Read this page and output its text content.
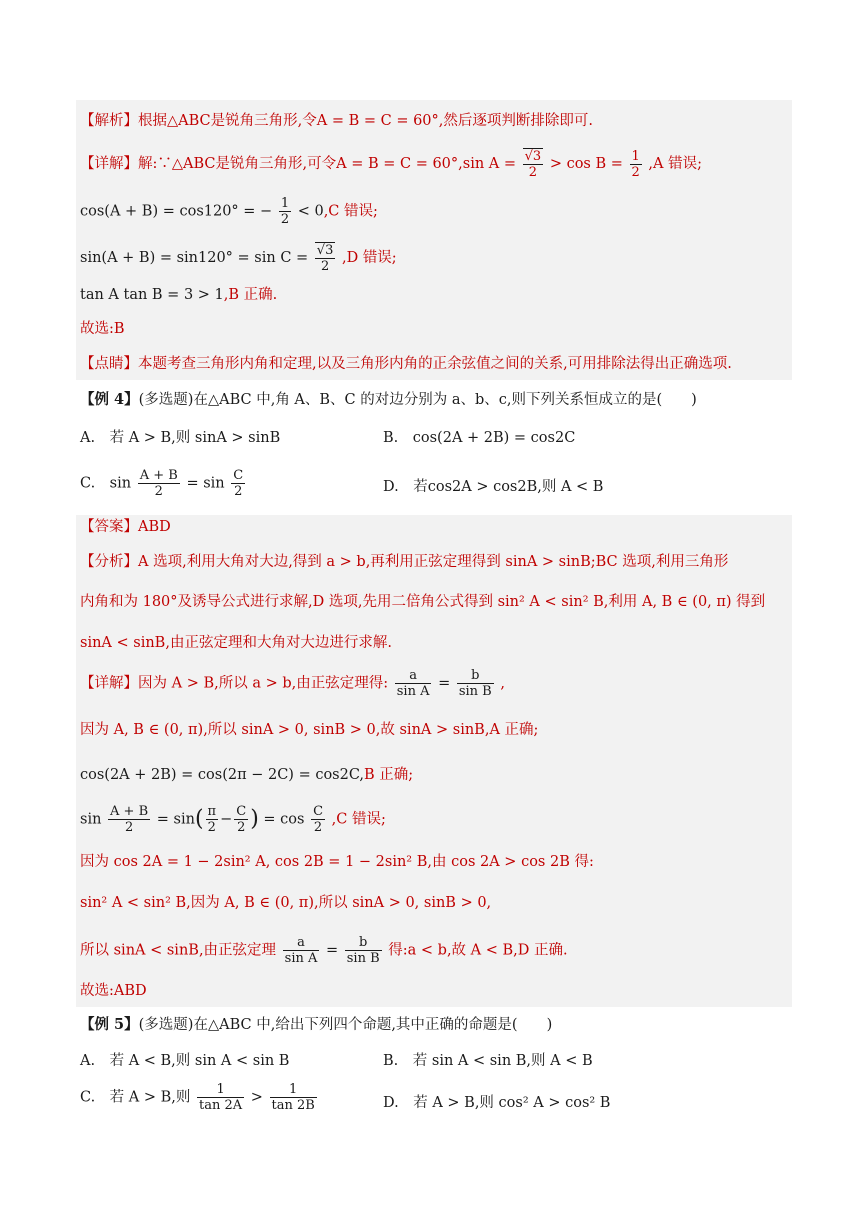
【解析】根据△ABC是锐角三角形,令A = B = C = 60°,然后逐项判断排除即可.
【详解】解:∵△ABC是锐角三角形,可令A = B = C = 60°,sin $A = \frac{√3}{2} > \cos B = \frac{1}{2} ,A$ 错误;
cos(A + B) = cos120° = − $\frac{1}{2} < 0,C$ 错误;
$\sin(A + B) = \sin 120^\circ = \sin C = \frac{√3}{2} ,D$ 错误;
tan A tan B = 3 > 1,B 正确.
故选:B
【点睛】本题考查三角形内角和定理,以及三角形内角的正余弦值之间的关系,可用排除法得出正确选项.
【例 4】(多选题)在△ABC 中,角 A、B、C 的对边分别为 a、b、c,则下列关系恒成立的是(　　)
A.　若 A > B,则 sinA > sinB	B.　cos(2A + 2B) = cos2C
C.　$\sin \frac{A + B}{2} = \sin \frac{C}{2}$	D.　若cos2A > cos2B,则 A < B
【答案】ABD
【分析】A 选项,利用大角对大边,得到 a > b,再利用正弦定理得到 sinA > sinB;BC 选项,利用三角形
内角和为 180°及诱导公式进行求解,D 选项,先用二倍角公式得到 sin² A < sin² B,利用 A, B ∈ (0, π) 得到
sinA < sinB,由正弦定理和大角对大边进行求解.
【详解】因为 A > B,所以 a > b,由正弦定理得: $\frac{a}{\text{sin A}} = \frac{b}{\text{sin B}}$ ,
因为 A, B ∈ (0, π),所以 sinA > 0, sinB > 0,故 sinA > sinB,A 正确;
cos(2A + 2B) = cos(2π − 2C) = cos2C,B 正确;
$\sin \frac{A + B}{2} = \sin( \frac{\pi}{2} - \frac{C}{2}$ ) = $\cos \frac{C}{2} ,C$ 错误;
因为 cos 2A = 1 − 2sin² A, cos 2B = 1 − 2sin² B,由 cos 2A > cos 2B 得:
sin² A < sin² B,因为 A, B ∈ (0, π),所以 sinA > 0, sinB > 0,
所以 sinA < sinB,由正弦定理 $\frac{a}{\text{sin A}} = \frac{b}{\text{sin B}}$ 得:a < b,故 A < B,D 正确.
故选:ABD
【例 5】(多选题)在△ABC 中,给出下列四个命题,其中正确的命题是(　　)
A.　若 A < B,则 sin A < sin B	B.　若 sin A < sin B,则 A < B
C.　若 A > B,则 $\frac{1}{\tan 2A} > \frac{1}{\tan 2B}$	D.　若 A > B,则 cos² A > cos² B
